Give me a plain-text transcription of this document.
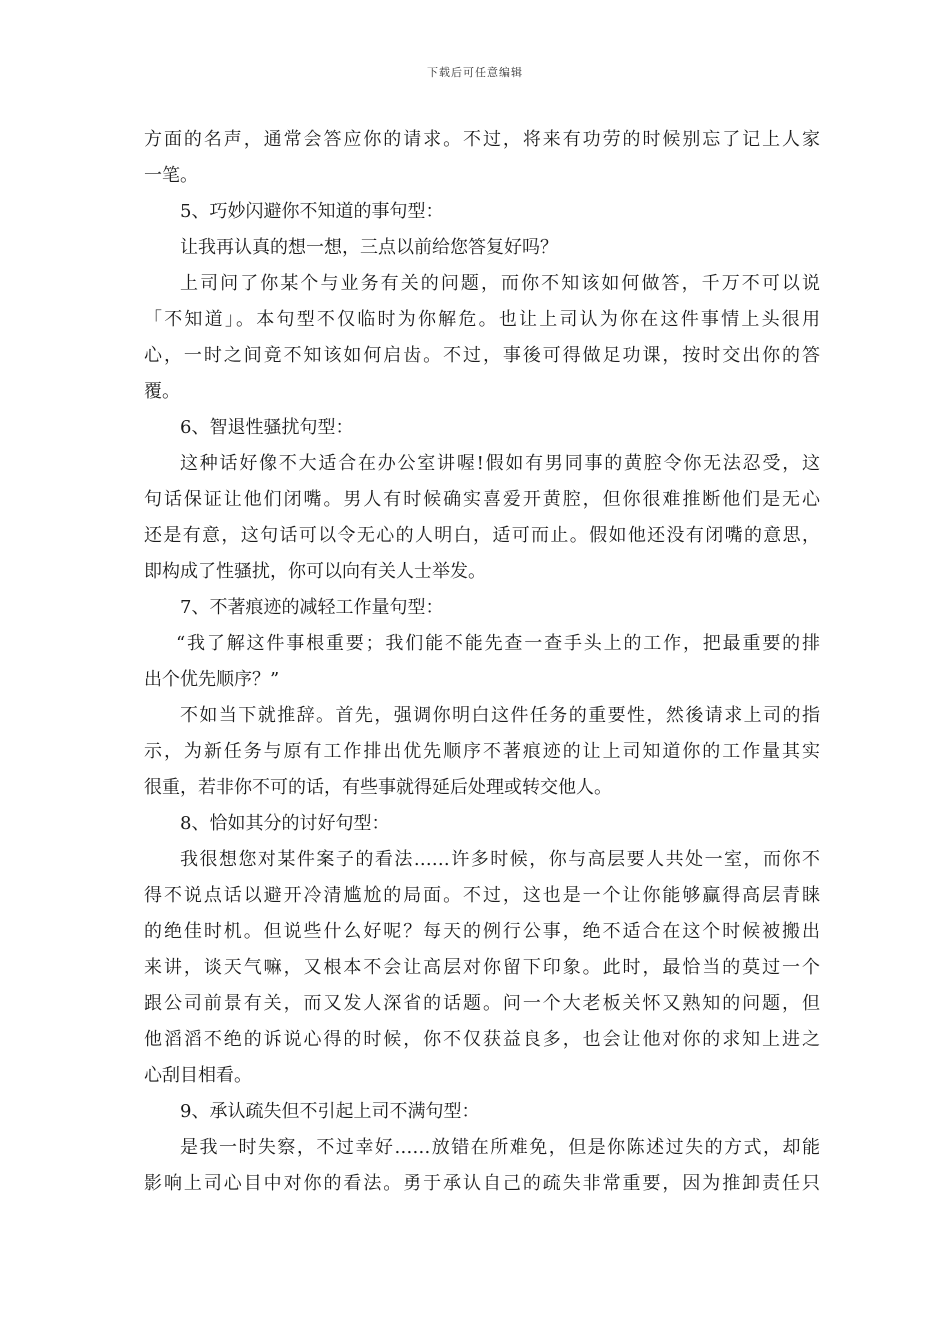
下载后可任意编辑
方面的名声，通常会答应你的请求。不过，将来有功劳的时候别忘了记上人家
一笔。
5、巧妙闪避你不知道的事句型：
让我再认真的想一想，三点以前给您答复好吗？
上司问了你某个与业务有关的问题，而你不知该如何做答，千万不可以说
「不知道」。本句型不仅临时为你解危。也让上司认为你在这件事情上头很用
心，一时之间竟不知该如何启齿。不过，事後可得做足功课，按时交出你的答
覆。
6、智退性骚扰句型：
这种话好像不大适合在办公室讲喔!假如有男同事的黄腔令你无法忍受，这
句话保证让他们闭嘴。男人有时候确实喜爱开黄腔，但你很难推断他们是无心
还是有意，这句话可以令无心的人明白，适可而止。假如他还没有闭嘴的意思，
即构成了性骚扰，你可以向有关人士举发。
7、不著痕迹的减轻工作量句型：
“我了解这件事根重要；我们能不能先查一查手头上的工作，把最重要的排
出个优先顺序？”
不如当下就推辞。首先，强调你明白这件任务的重要性，然後请求上司的指
示，为新任务与原有工作排出优先顺序不著痕迹的让上司知道你的工作量其实
很重，若非你不可的话，有些事就得延后处理或转交他人。
8、恰如其分的讨好句型：
我很想您对某件案子的看法……许多时候，你与高层要人共处一室，而你不
得不说点话以避开冷清尴尬的局面。不过，这也是一个让你能够赢得高层青睐
的绝佳时机。但说些什么好呢？每天的例行公事，绝不适合在这个时候被搬出
来讲，谈天气嘛，又根本不会让高层对你留下印象。此时，最恰当的莫过一个
跟公司前景有关，而又发人深省的话题。问一个大老板关怀又熟知的问题，但
他滔滔不绝的诉说心得的时候，你不仅获益良多，也会让他对你的求知上进之
心刮目相看。
9、承认疏失但不引起上司不满句型：
是我一时失察，不过幸好……放错在所难免，但是你陈述过失的方式，却能
影响上司心目中对你的看法。勇于承认自己的疏失非常重要，因为推卸责任只
